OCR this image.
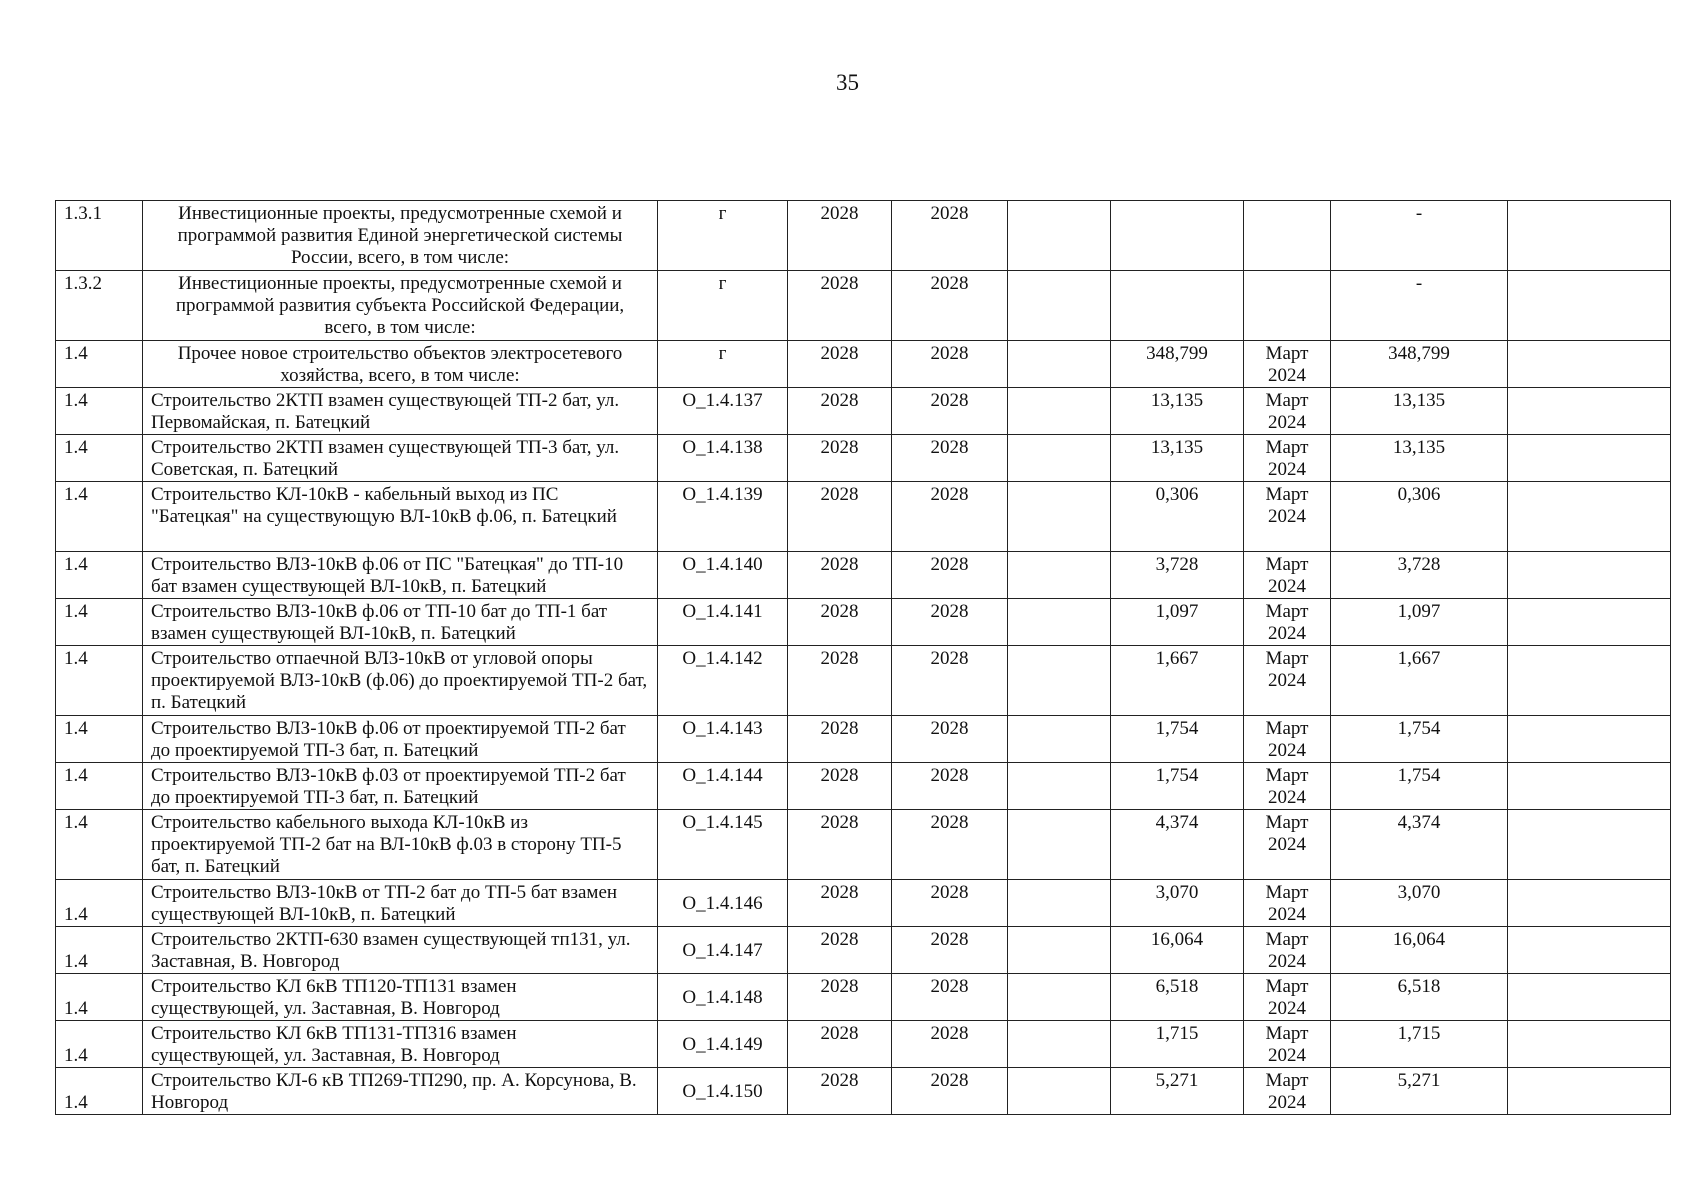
35
1.3.1	Инвестиционные проекты, предусмотренные схемой и программой развития Единой энергетической системы России, всего, в том числе:	г	2028	2028				-	
1.3.2	Инвестиционные проекты, предусмотренные схемой и программой развития субъекта Российской Федерации, всего, в том числе:	г	2028	2028				-	
1.4	Прочее новое строительство объектов электросетевого хозяйства, всего, в том числе:	г	2028	2028		348,799	Март 2024	348,799	
1.4	Строительство 2КТП взамен существующей ТП-2 бат, ул. Первомайская, п. Батецкий	О_1.4.137	2028	2028		13,135	Март 2024	13,135	
1.4	Строительство 2КТП взамен существующей ТП-3 бат, ул. Советская, п. Батецкий	О_1.4.138	2028	2028		13,135	Март 2024	13,135	
1.4	Строительство КЛ-10кВ - кабельный выход из ПС "Батецкая" на существующую ВЛ-10кВ ф.06, п. Батецкий	О_1.4.139	2028	2028		0,306	Март 2024	0,306	
1.4	Строительство ВЛЗ-10кВ ф.06 от ПС "Батецкая" до ТП-10 бат взамен существующей ВЛ-10кВ, п. Батецкий	О_1.4.140	2028	2028		3,728	Март 2024	3,728	
1.4	Строительство ВЛЗ-10кВ ф.06 от ТП-10 бат до ТП-1 бат взамен существующей ВЛ-10кВ, п. Батецкий	О_1.4.141	2028	2028		1,097	Март 2024	1,097	
1.4	Строительство отпаечной ВЛЗ-10кВ от угловой опоры проектируемой ВЛЗ-10кВ (ф.06) до проектируемой ТП-2 бат, п. Батецкий	О_1.4.142	2028	2028		1,667	Март 2024	1,667	
1.4	Строительство ВЛЗ-10кВ ф.06 от проектируемой ТП-2 бат до проектируемой ТП-3 бат, п. Батецкий	О_1.4.143	2028	2028		1,754	Март 2024	1,754	
1.4	Строительство ВЛЗ-10кВ ф.03 от проектируемой ТП-2 бат до проектируемой ТП-3 бат, п. Батецкий	О_1.4.144	2028	2028		1,754	Март 2024	1,754	
1.4	Строительство кабельного выхода КЛ-10кВ из проектируемой ТП-2 бат на ВЛ-10кВ ф.03 в сторону ТП-5 бат, п. Батецкий	О_1.4.145	2028	2028		4,374	Март 2024	4,374	
1.4	Строительство ВЛЗ-10кВ от ТП-2 бат до ТП-5 бат взамен существующей ВЛ-10кВ, п. Батецкий	О_1.4.146	2028	2028		3,070	Март 2024	3,070	
1.4	Строительство 2КТП-630 взамен существующей тп131, ул. Заставная, В. Новгород	О_1.4.147	2028	2028		16,064	Март 2024	16,064	
1.4	Строительство КЛ 6кВ ТП120-ТП131 взамен существующей, ул. Заставная, В. Новгород	О_1.4.148	2028	2028		6,518	Март 2024	6,518	
1.4	Строительство КЛ 6кВ ТП131-ТП316 взамен существующей, ул. Заставная, В. Новгород	О_1.4.149	2028	2028		1,715	Март 2024	1,715	
1.4	Строительство КЛ-6 кВ ТП269-ТП290, пр. А. Корсунова, В. Новгород	О_1.4.150	2028	2028		5,271	Март 2024	5,271	
